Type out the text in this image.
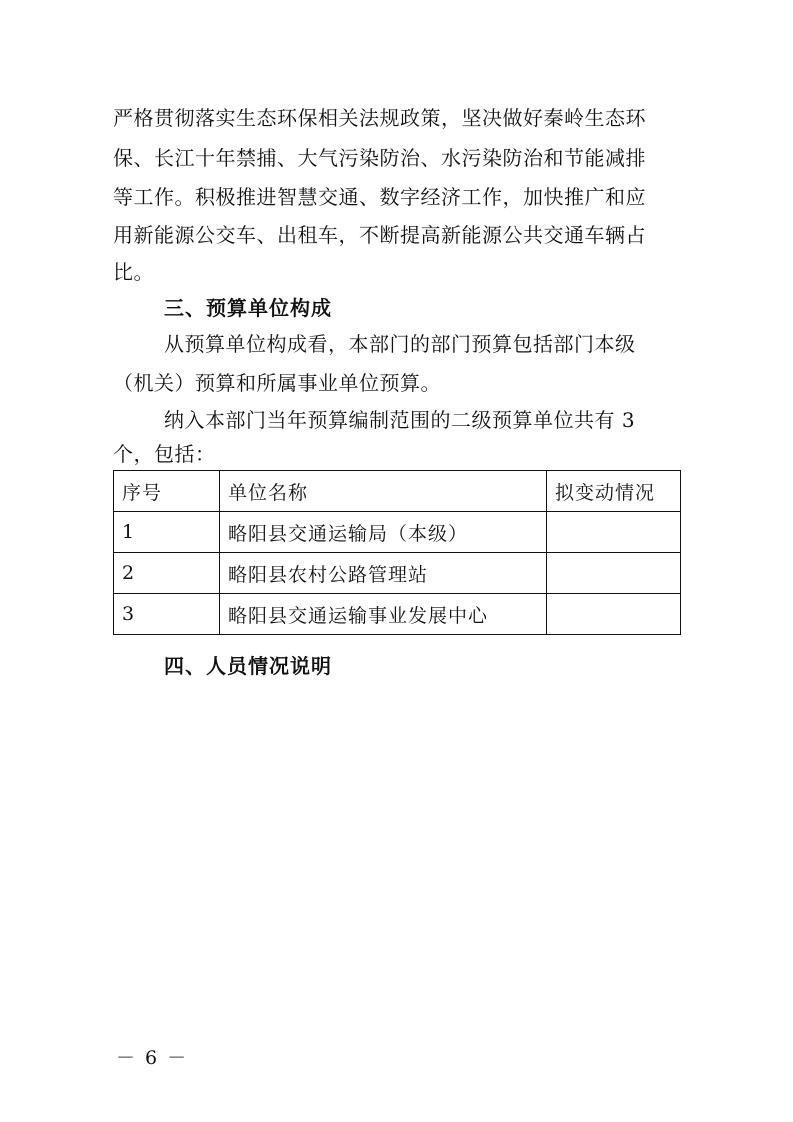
严格贯彻落实生态环保相关法规政策，坚决做好秦岭生态环
保、长江十年禁捕、大气污染防治、水污染防治和节能减排
等工作。积极推进智慧交通、数字经济工作，加快推广和应
用新能源公交车、出租车，不断提高新能源公共交通车辆占
比。
三、预算单位构成
从预算单位构成看，本部门的部门预算包括部门本级
（机关）预算和所属事业单位预算。
纳入本部门当年预算编制范围的二级预算单位共有 3
个，包括：
序号	单位名称	拟变动情况
1	略阳县交通运输局（本级）	
2	略阳县农村公路管理站	
3	略阳县交通运输事业发展中心	
四、人员情况说明
－ 6 －
